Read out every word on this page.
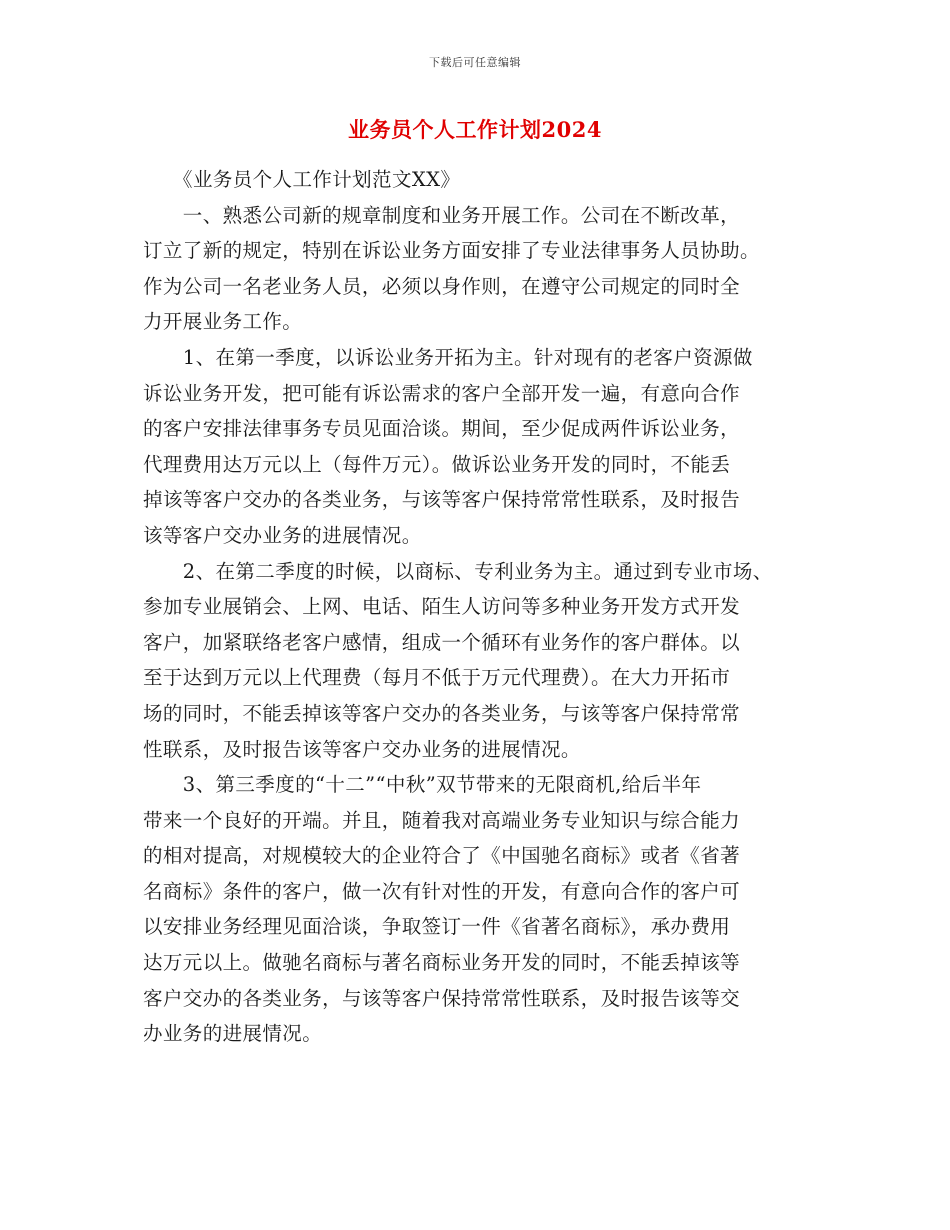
下载后可任意编辑
业务员个人工作计划2024

　　《业务员个人工作计划范文XX》

　　一、熟悉公司新的规章制度和业务开展工作。公司在不断改革，
订立了新的规定，特别在诉讼业务方面安排了专业法律事务人员协助。
作为公司一名老业务人员，必须以身作则，在遵守公司规定的同时全
力开展业务工作。

　　1、在第一季度，以诉讼业务开拓为主。针对现有的老客户资源做
诉讼业务开发，把可能有诉讼需求的客户全部开发一遍，有意向合作
的客户安排法律事务专员见面洽谈。期间，至少促成两件诉讼业务，
代理费用达万元以上（每件万元）。做诉讼业务开发的同时，不能丢
掉该等客户交办的各类业务，与该等客户保持常常性联系，及时报告
该等客户交办业务的进展情况。

　　2、在第二季度的时候，以商标、专利业务为主。通过到专业市场、
参加专业展销会、上网、电话、陌生人访问等多种业务开发方式开发
客户，加紧联络老客户感情，组成一个循环有业务作的客户群体。以
至于达到万元以上代理费（每月不低于万元代理费）。在大力开拓市
场的同时，不能丢掉该等客户交办的各类业务，与该等客户保持常常
性联系，及时报告该等客户交办业务的进展情况。

　　3、第三季度的“十二”“中秋”双节带来的无限商机,给后半年
带来一个良好的开端。并且，随着我对高端业务专业知识与综合能力
的相对提高，对规模较大的企业符合了《中国驰名商标》或者《省著
名商标》条件的客户，做一次有针对性的开发，有意向合作的客户可
以安排业务经理见面洽谈，争取签订一件《省著名商标》，承办费用
达万元以上。做驰名商标与著名商标业务开发的同时，不能丢掉该等
客户交办的各类业务，与该等客户保持常常性联系，及时报告该等交
办业务的进展情况。
